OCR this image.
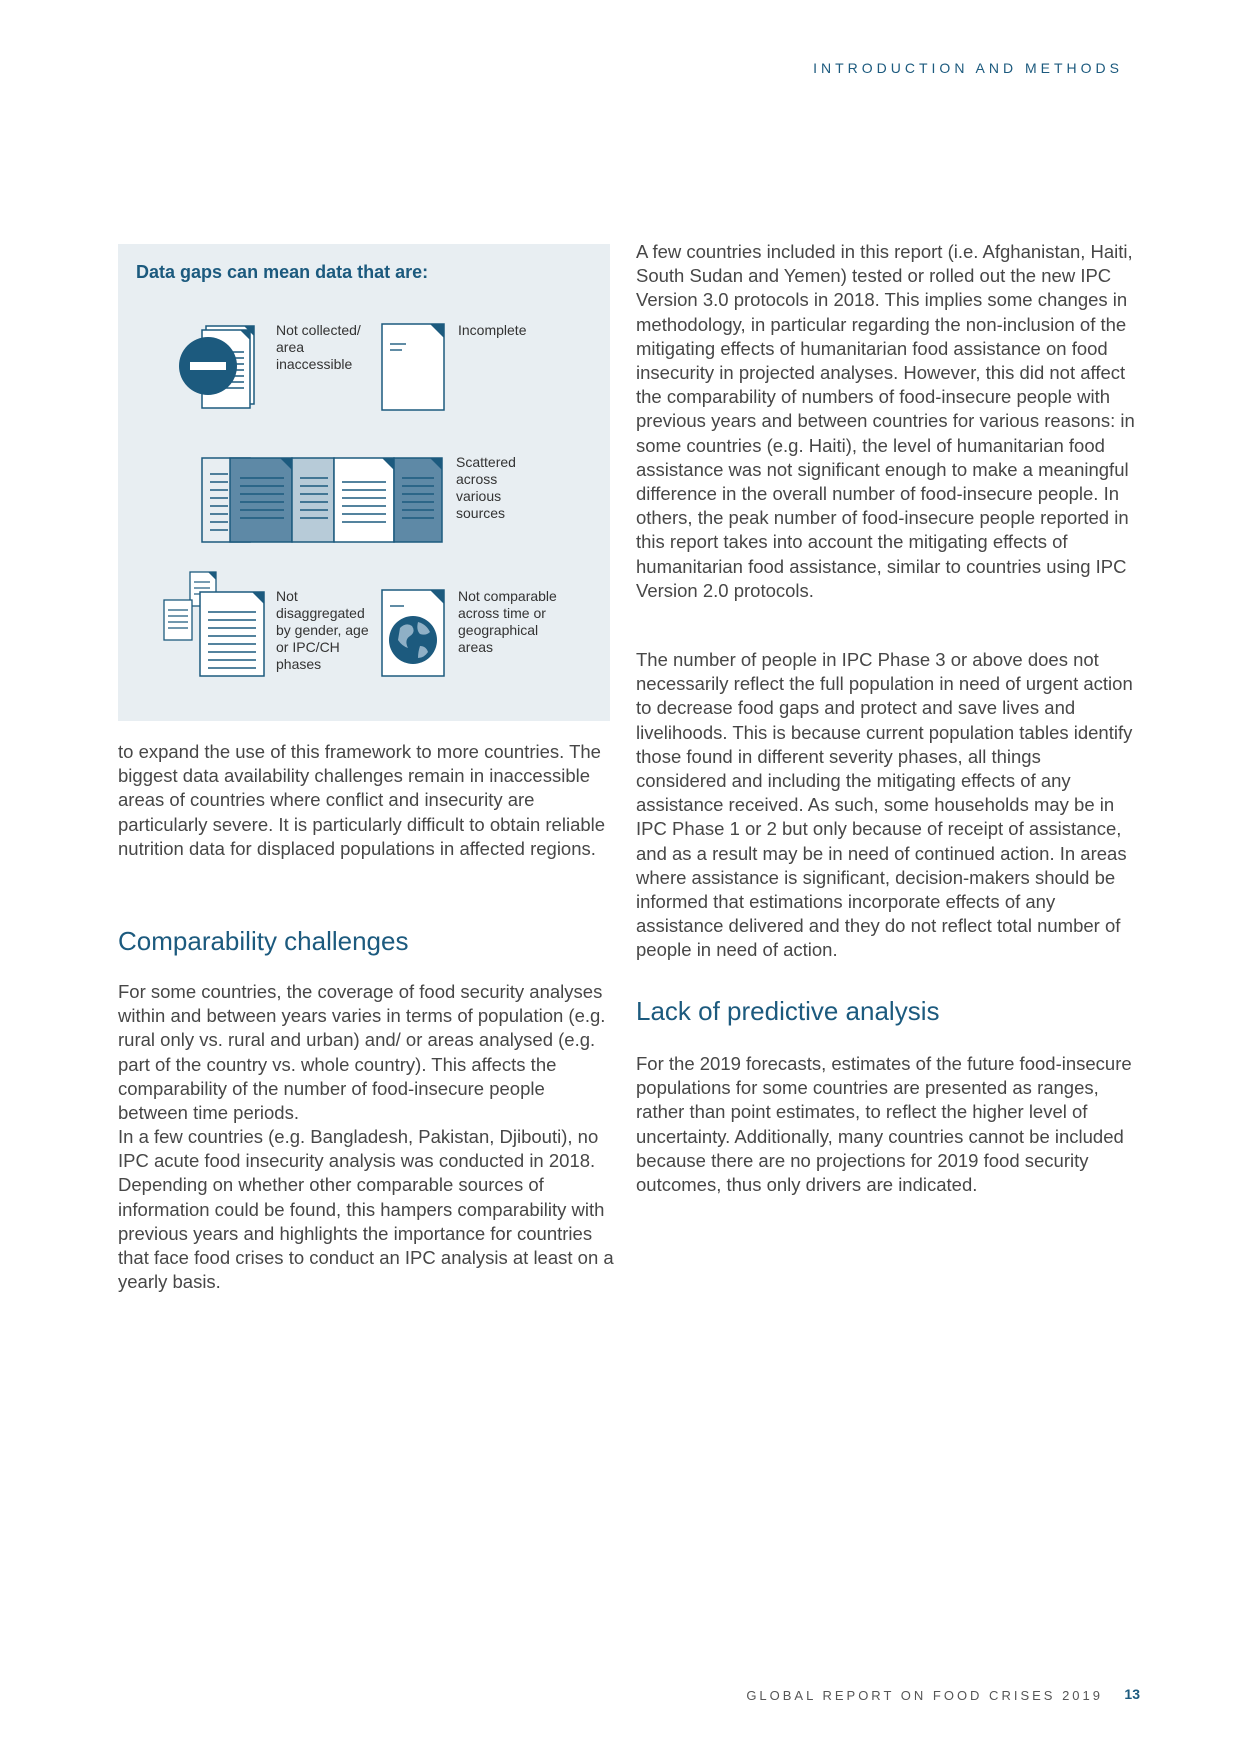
INTRODUCTION AND METHODS
Data gaps can mean data that are:
Not collected/ area inaccessible
Incomplete
Scattered across various sources
Not disaggregated by gender, age or IPC/CH phases
Not comparable across time or geographical areas

to expand the use of this framework to more countries. The biggest data availability challenges remain in inaccessible areas of countries where conflict and insecurity are particularly severe. It is particularly difficult to obtain reliable nutrition data for displaced populations in affected regions.

Comparability challenges

For some countries, the coverage of food security analyses within and between years varies in terms of population (e.g. rural only vs. rural and urban) and/ or areas analysed (e.g. part of the country vs. whole country). This affects the comparability of the number of food-insecure people between time periods.

In a few countries (e.g. Bangladesh, Pakistan, Djibouti), no IPC acute food insecurity analysis was conducted in 2018. Depending on whether other comparable sources of information could be found, this hampers comparability with previous years and highlights the importance for countries that face food crises to conduct an IPC analysis at least on a yearly basis.

A few countries included in this report (i.e. Afghanistan, Haiti, South Sudan and Yemen) tested or rolled out the new IPC Version 3.0 protocols in 2018. This implies some changes in methodology, in particular regarding the non-inclusion of the mitigating effects of humanitarian food assistance on food insecurity in projected analyses. However, this did not affect the comparability of numbers of food-insecure people with previous years and between countries for various reasons: in some countries (e.g. Haiti), the level of humanitarian food assistance was not significant enough to make a meaningful difference in the overall number of food-insecure people. In others, the peak number of food-insecure people reported in this report takes into account the mitigating effects of humanitarian food assistance, similar to countries using IPC Version 2.0 protocols.

The number of people in IPC Phase 3 or above does not necessarily reflect the full population in need of urgent action to decrease food gaps and protect and save lives and livelihoods. This is because current population tables identify those found in different severity phases, all things considered and including the mitigating effects of any assistance received. As such, some households may be in IPC Phase 1 or 2 but only because of receipt of assistance, and as a result may be in need of continued action. In areas where assistance is significant, decision-makers should be informed that estimations incorporate effects of any assistance delivered and they do not reflect total number of people in need of action.

Lack of predictive analysis

For the 2019 forecasts, estimates of the future food-insecure populations for some countries are presented as ranges, rather than point estimates, to reflect the higher level of uncertainty. Additionally, many countries cannot be included because there are no projections for 2019 food security outcomes, thus only drivers are indicated.

GLOBAL REPORT ON FOOD CRISES 2019 13
